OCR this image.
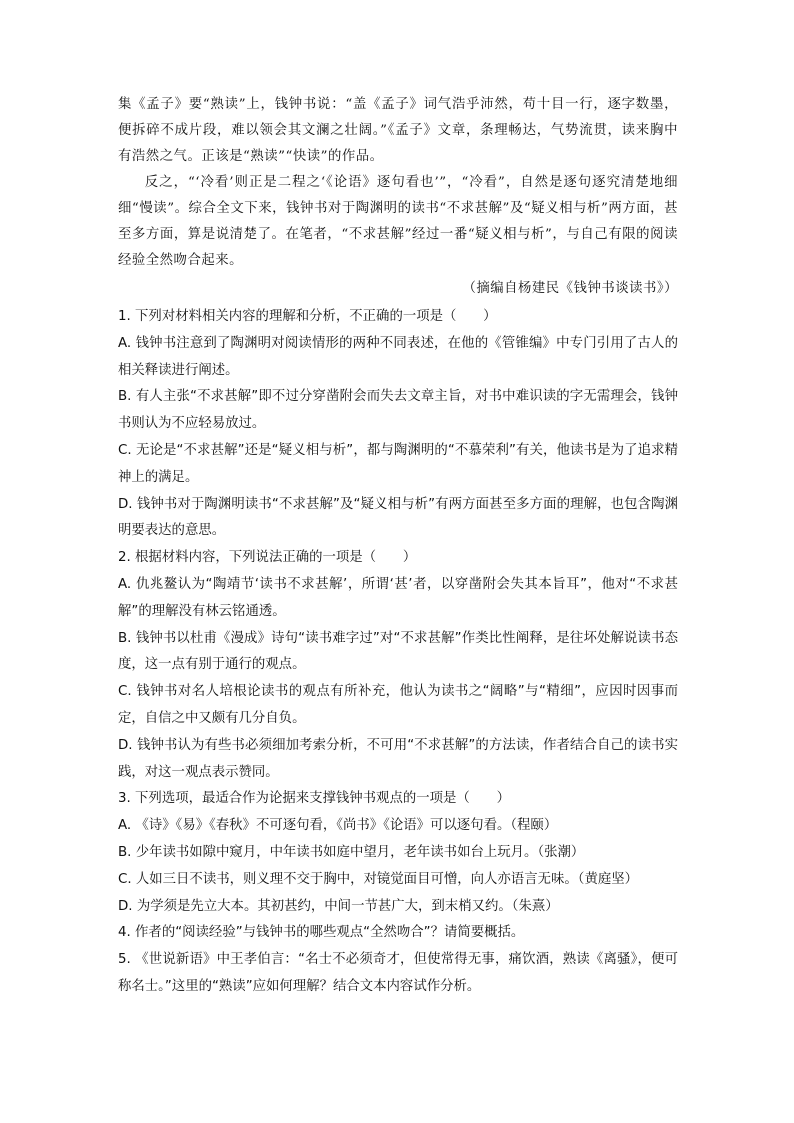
集《孟子》要“熟读”上，钱钟书说：“盖《孟子》词气浩乎沛然，苟十目一行，逐字数墨，便拆碎不成片段，难以领会其文澜之壮阔。”《孟子》文章，条理畅达，气势流贯，读来胸中有浩然之气。正该是“熟读”“快读”的作品。

反之，“‘冷看’则正是二程之‘《论语》逐句看也’”，“冷看”，自然是逐句逐究清楚地细细“慢读”。综合全文下来，钱钟书对于陶渊明的读书“不求甚解”及“疑义相与析”两方面，甚至多方面，算是说清楚了。在笔者，“不求甚解”经过一番“疑义相与析”，与自己有限的阅读经验全然吻合起来。

（摘编自杨建民《钱钟书谈读书》）

1. 下列对材料相关内容的理解和分析，不正确的一项是（　　）

A. 钱钟书注意到了陶渊明对阅读情形的两种不同表述，在他的《管锥编》中专门引用了古人的相关释读进行阐述。

B. 有人主张“不求甚解”即不过分穿凿附会而失去文章主旨，对书中难识读的字无需理会，钱钟书则认为不应轻易放过。

C. 无论是“不求甚解”还是“疑义相与析”，都与陶渊明的“不慕荣利”有关，他读书是为了追求精神上的满足。

D. 钱钟书对于陶渊明读书“不求甚解”及“疑义相与析”有两方面甚至多方面的理解，也包含陶渊明要表达的意思。

2. 根据材料内容，下列说法正确的一项是（　　）

A. 仇兆鳌认为“陶靖节‘读书不求甚解’，所谓‘甚’者，以穿凿附会失其本旨耳”，他对“不求甚解”的理解没有林云铭通透。

B. 钱钟书以杜甫《漫成》诗句“读书难字过”对“不求甚解”作类比性阐释，是往坏处解说读书态度，这一点有别于通行的观点。

C. 钱钟书对名人培根论读书的观点有所补充，他认为读书之“阔略”与“精细”，应因时因事而定，自信之中又颇有几分自负。

D. 钱钟书认为有些书必须细加考索分析，不可用“不求甚解”的方法读，作者结合自己的读书实践，对这一观点表示赞同。

3. 下列选项，最适合作为论据来支撑钱钟书观点的一项是（　　）

A. 《诗》《易》《春秋》不可逐句看，《尚书》《论语》可以逐句看。（程颐）

B. 少年读书如隙中窥月，中年读书如庭中望月，老年读书如台上玩月。（张潮）

C. 人如三日不读书，则义理不交于胸中，对镜觉面目可憎，向人亦语言无味。（黄庭坚）

D. 为学须是先立大本。其初甚约，中间一节甚广大，到末梢又约。（朱熹）

4. 作者的“阅读经验”与钱钟书的哪些观点“全然吻合”？请简要概括。

5. 《世说新语》中王孝伯言：“名士不必须奇才，但使常得无事，痛饮酒，熟读《离骚》，便可称名士。”这里的“熟读”应如何理解？结合文本内容试作分析。
